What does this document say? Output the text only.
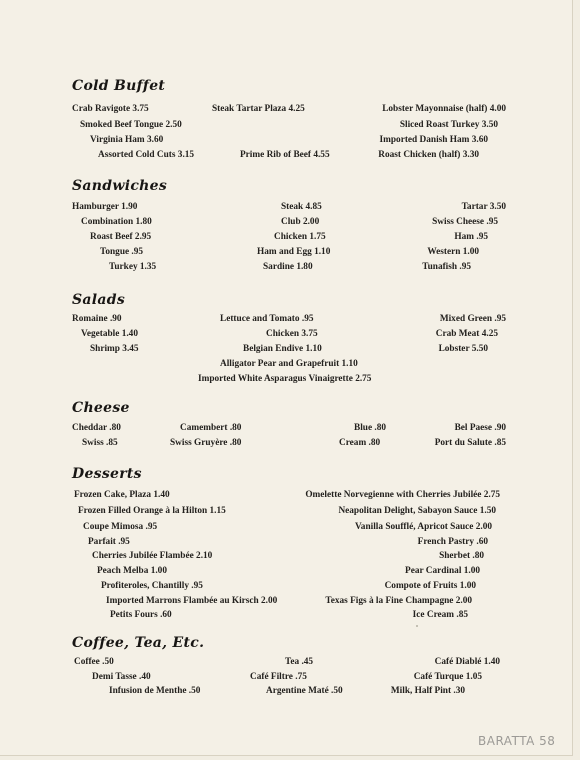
Cold Buffet
Crab Ravigote 3.75
Smoked Beef Tongue 2.50
Virginia Ham 3.60
Assorted Cold Cuts 3.15
Steak Tartar Plaza 4.25
Prime Rib of Beef 4.55
Lobster Mayonnaise (half) 4.00
Sliced Roast Turkey 3.50
Imported Danish Ham 3.60
Roast Chicken (half) 3.30
Sandwiches
Hamburger 1.90
Combination 1.80
Roast Beef 2.95
Tongue .95
Turkey 1.35
Steak 4.85
Club 2.00
Chicken 1.75
Ham and Egg 1.10
Sardine 1.80
Tartar 3.50
Swiss Cheese .95
Ham .95
Western 1.00
Tunafish .95
Salads
Romaine .90
Vegetable 1.40
Shrimp 3.45
Lettuce and Tomato .95
Chicken 3.75
Belgian Endive 1.10
Alligator Pear and Grapefruit 1.10
Imported White Asparagus Vinaigrette 2.75
Mixed Green .95
Crab Meat 4.25
Lobster 5.50
Cheese
Cheddar .80
Swiss .85
Camembert .80
Swiss Gruyère .80
Blue .80
Cream .80
Bel Paese .90
Port du Salute .85
Desserts
Frozen Cake, Plaza 1.40
Frozen Filled Orange à la Hilton 1.15
Coupe Mimosa .95
Parfait .95
Cherries Jubilée Flambée 2.10
Peach Melba 1.00
Profiteroles, Chantilly .95
Imported Marrons Flambée au Kirsch 2.00
Petits Fours .60
Omelette Norvegienne with Cherries Jubilée 2.75
Neapolitan Delight, Sabayon Sauce 1.50
Vanilla Soufflé, Apricot Sauce 2.00
French Pastry .60
Sherbet .80
Pear Cardinal 1.00
Compote of Fruits 1.00
Texas Figs à la Fine Champagne 2.00
Ice Cream .85
Coffee, Tea, Etc.
Coffee .50
Demi Tasse .40
Infusion de Menthe .50
Tea .45
Café Filtre .75
Argentine Maté .50
Café Diablé 1.40
Café Turque 1.05
Milk, Half Pint .30
BARATTA 58
